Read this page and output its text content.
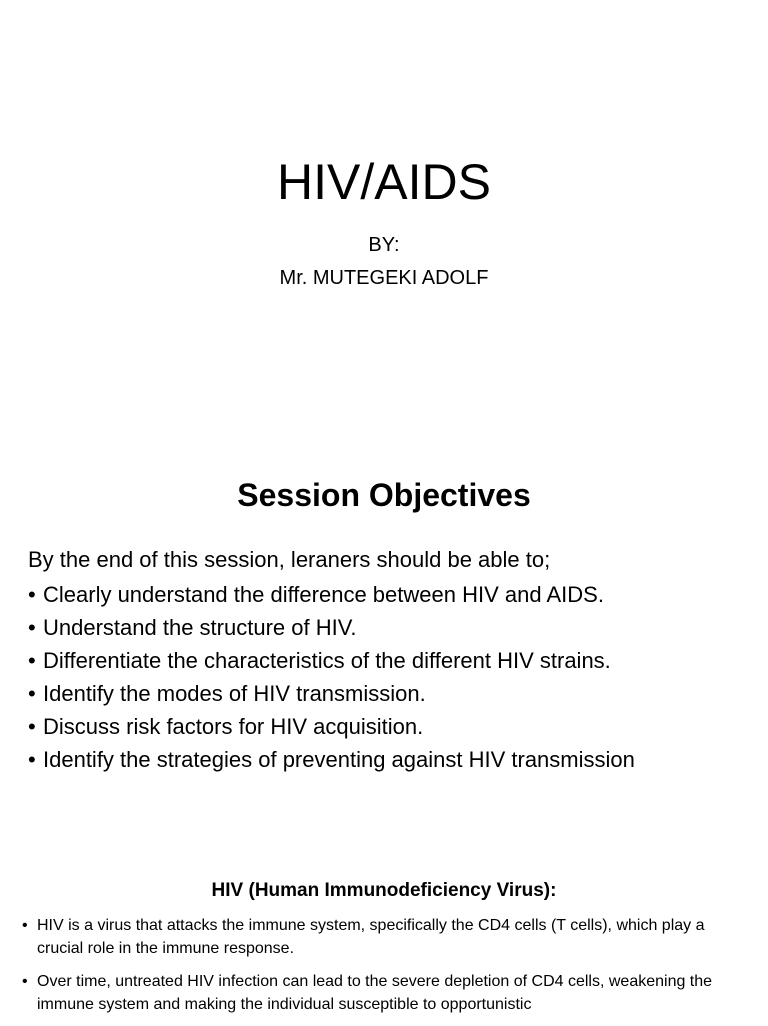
HIV/AIDS
BY:
Mr. MUTEGEKI ADOLF
Session Objectives
By the end of this session, leraners should be able to;
• Clearly understand the difference between HIV and AIDS.
• Understand the structure of HIV.
• Differentiate the characteristics of the different HIV strains.
• Identify the modes of HIV transmission.
• Discuss risk factors for HIV acquisition.
• Identify the strategies of preventing against HIV transmission
HIV (Human Immunodeficiency Virus):
• HIV is a virus that attacks the immune system, specifically the CD4 cells (T cells), which play a crucial role in the immune response.
• Over time, untreated HIV infection can lead to the severe depletion of CD4 cells, weakening the immune system and making the individual susceptible to opportunistic
